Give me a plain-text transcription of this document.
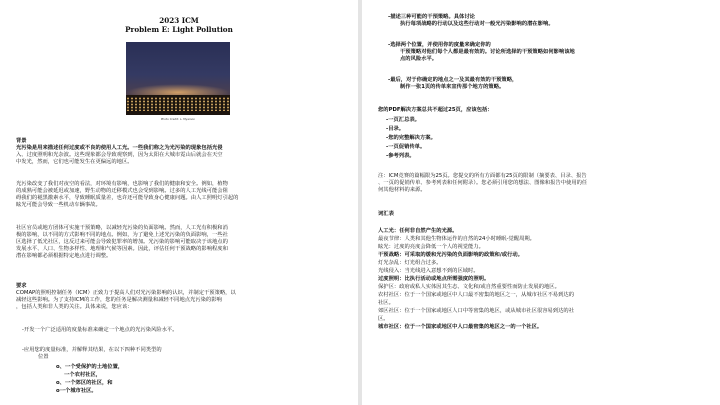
2023 ICM
Problem E: Light Pollution
Photo Credit: L. Myerson
背景
光污染是用来描述任何过度或不良的使用人工光。一些我们称之为光污染的现象包括光侵
入、过度照明和光杂波。这些现象都会导致观察到，因为太阳在大城市霓山后就会在天空
中发光，然而，它们也可能发生在更偏远的地区。
光污染改变了我们对夜空的看法，对环境有影响，也影响了我们的健康和安全。例如，植物
的成熟可能会被延迟或加速，野生动物的迁移模式也会受到影响。过多的人工光线可能会阻
碍我们的褪黑激素水平，导致睡眠质量差，也许还可能导致身心健康问题。由人工照明灯引起的
眩光可能会导致一些机动车辆事故。
社区官员或地方团体可实施干预策略，以减轻光污染的负面影响。然而，人工光有积极和消
极的影响，以不同的方式影响不同的地点。例如，为了避免上述光污染的负面影响，一些社
区选择了低光社区，这反过来可能会导致犯罪率的增加。光污染的影响可能取决于该地点的
发展水平、人口、生物多样性、地理和气候等因素。因此，评估任何干预战略的影响程度和
潜在影响都必须根据特定地点进行调整。
要求
COMAP的照明控制任务（ICM）正致力于提高人们对光污染影响的认识，并制定干预策略，以
减轻这些影响。为了支持ICM的工作，您的任务是解决测量和减轻不同地点光污染的影响
，包括人类和非人类的关注。具体来说，您应该：
-开发一个广泛适用的度量标准来确定一个地点的光污染风险水平。
-应用您的度量标准，并解释其结果，在以下四种不同类型的
位置
o、一个受保护的土地位置，
一个农村社区，
o、一个郊区的社区，和
o一个城市社区。
-描述三种可能的干预策略。具体讨论
执行每项战略的行动以及这些行动对一般光污染影响的潜在影响。
-选择两个位置，并使用你的度量来确定你的
干预策略对他们每个人都是最有效的。讨论所选择的干预策略如何影响该地
点的风险水平。
-最后，对于你确定的地点之一及其最有效的干预策略，
制作一张1页的传单来宣传那个地方的策略。
您的PDF解决方案总共不超过25页，应该包括：
-一页汇总表。
-目录。
-您的完整解决方案。
-一页促销传单。
-参考列表。
注：ICM竞赛的篇幅限为25页。您提交的所有方面都有25页的限制（摘要表、目录、报告
、一页的促销传单、参考列表和任何附录）。您必须引用您的想法、图像和报告中使用的任
何其他材料的来源。
词汇表
人工光：任何非自然产生的光源。
最夜节律：人类和其他生物体运作的自然的24小时睡眠-觉醒周期。
眩光：过度的亮度会降低一个人的视觉能力。
干预战略：可采取的缓和光污染的负面影响的政策和/或行动。
灯光杂乱：灯光组合过多。
光线侵入：当光线进入意想不到的区域时。
过度照明：比执行活动或地点所需强度的照明。
保护区：政府或私人实体因其生态、文化和/或自然重要性而防止发展的地区。
农村社区：位于一个国家或地区中人口最不密集的地区之一，从城市社区不易到达的
社区。
郊区社区：位于一个国家或地区人口中等密集的地区，或从城市社区很容易到达的社
区。
城市社区：位于一个国家或地区中人口最密集的地区之一的一个社区。
